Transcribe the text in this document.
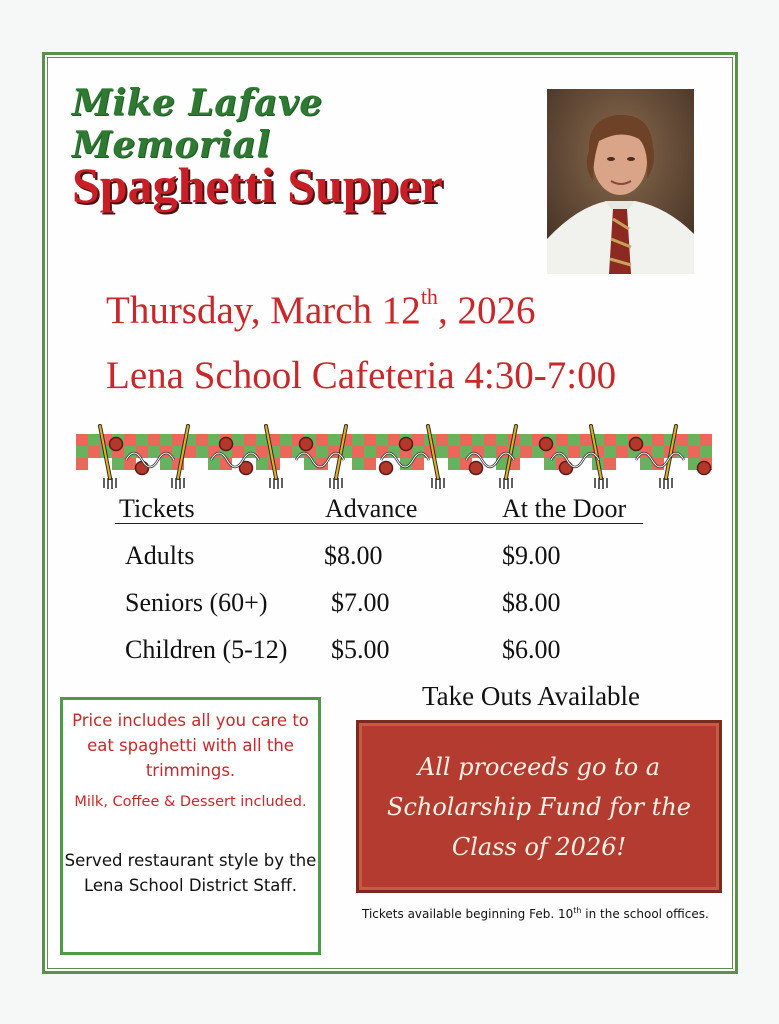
Mike Lafave Memorial
Spaghetti Supper
Thursday, March 12th, 2026
Lena School Cafeteria 4:30-7:00
Tickets	Advance	At the Door
Adults	$8.00	$9.00
Seniors (60+) $7.00	$8.00
Children (5-12) $5.00	$6.00
Take Outs Available
Price includes all you care to eat spaghetti with all the trimmings.
Milk, Coffee & Dessert included.
Served restaurant style by the Lena School District Staff.
All proceeds go to a Scholarship Fund for the Class of 2026!
Tickets available beginning Feb. 10th in the school offices.
